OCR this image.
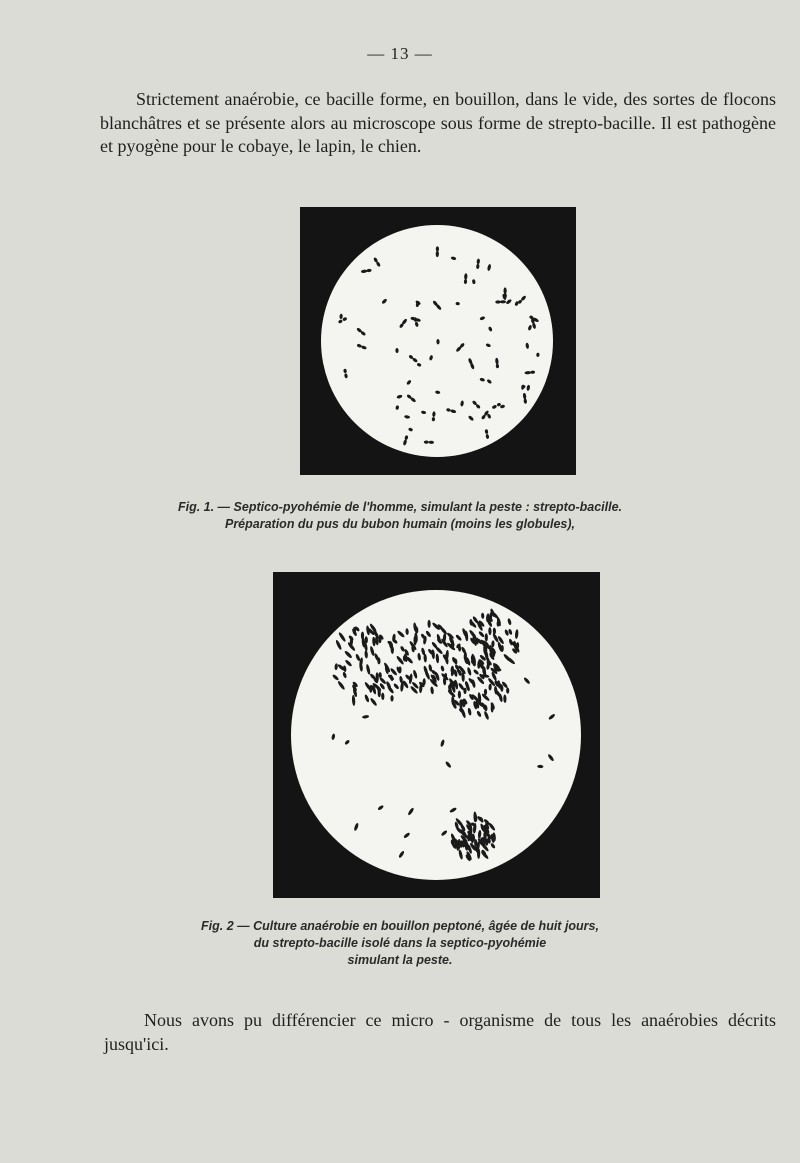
— 13 —

Strictement anaérobie, ce bacille forme, en bouillon, dans le vide, des sortes de flocons blanchâtres et se présente alors au microscope sous forme de strepto-bacille. Il est pathogène et pyogène pour le cobaye, le lapin, le chien.

Fig. 1. — Septico-pyohémie de l'homme, simulant la peste : strepto-bacille.
Préparation du pus du bubon humain (moins les globules),
Fig. 2 — Culture anaérobie en bouillon peptoné, âgée de huit jours,
du strepto-bacille isolé dans la septico-pyohémie
simulant la peste.

Nous avons pu différencier ce micro - organisme de tous les anaérobies décrits jusqu'ici.
